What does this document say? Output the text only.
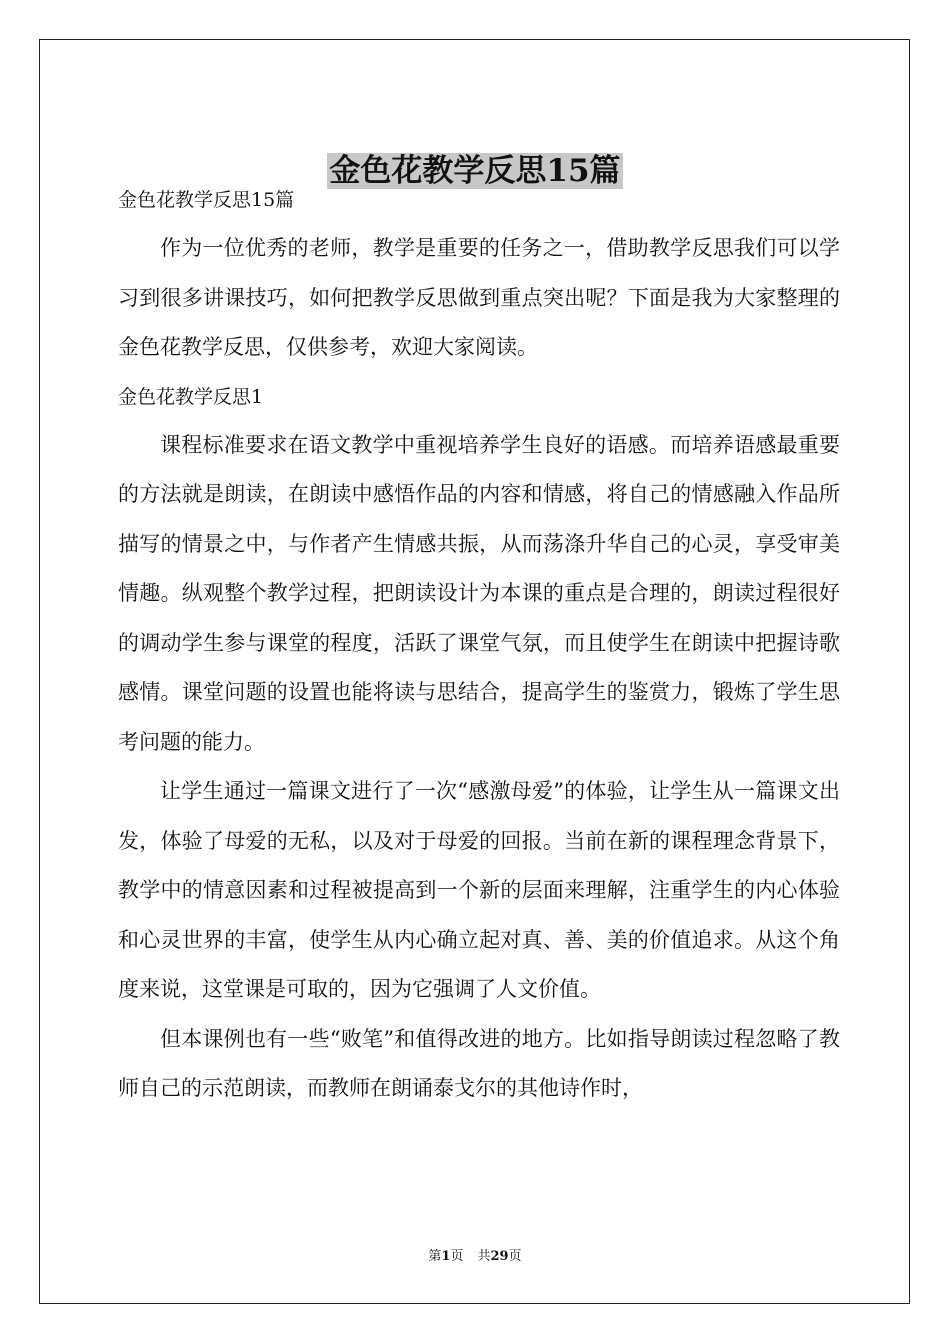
金色花教学反思15篇

金色花教学反思15篇

作为一位优秀的老师，教学是重要的任务之一，借助教学反思我们可以学习到很多讲课技巧，如何把教学反思做到重点突出呢？下面是我为大家整理的金色花教学反思，仅供参考，欢迎大家阅读。

金色花教学反思1

课程标准要求在语文教学中重视培养学生良好的语感。而培养语感最重要的方法就是朗读，在朗读中感悟作品的内容和情感，将自己的情感融入作品所描写的情景之中，与作者产生情感共振，从而荡涤升华自己的心灵，享受审美情趣。纵观整个教学过程，把朗读设计为本课的重点是合理的，朗读过程很好的调动学生参与课堂的程度，活跃了课堂气氛，而且使学生在朗读中把握诗歌感情。课堂问题的设置也能将读与思结合，提高学生的鉴赏力，锻炼了学生思考问题的能力。

让学生通过一篇课文进行了一次“感激母爱”的体验，让学生从一篇课文出发，体验了母爱的无私，以及对于母爱的回报。当前在新的课程理念背景下，教学中的情意因素和过程被提高到一个新的层面来理解，注重学生的内心体验和心灵世界的丰富，使学生从内心确立起对真、善、美的价值追求。从这个角度来说，这堂课是可取的，因为它强调了人文价值。

但本课例也有一些“败笔”和值得改进的地方。比如指导朗读过程忽略了教师自己的示范朗读，而教师在朗诵泰戈尔的其他诗作时，

第1页 共29页
